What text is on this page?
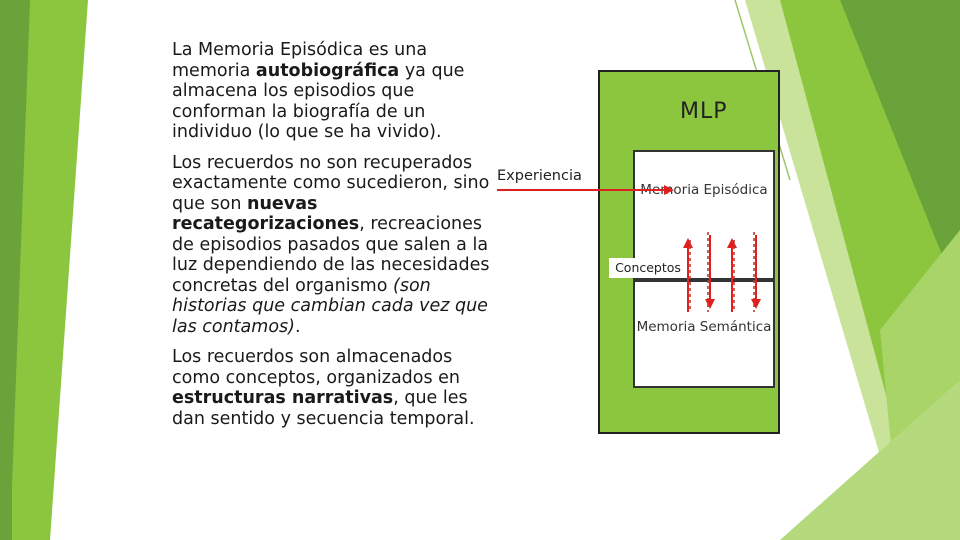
La Memoria Episódica es una memoria autobiográfica ya que almacena los episodios que conforman la biografía de un individuo (lo que se ha vivido).

Los recuerdos no son recuperados exactamente como sucedieron, sino que son nuevas recategorizaciones, recreaciones de episodios pasados que salen a la luz dependiendo de las necesidades concretas del organismo (son historias que cambian cada vez que las contamos).

Los recuerdos son almacenados como conceptos, organizados en estructuras narrativas, que les dan sentido y secuencia temporal.

MLP
Memoria Episódica
Memoria Semántica
Conceptos
Experiencia
